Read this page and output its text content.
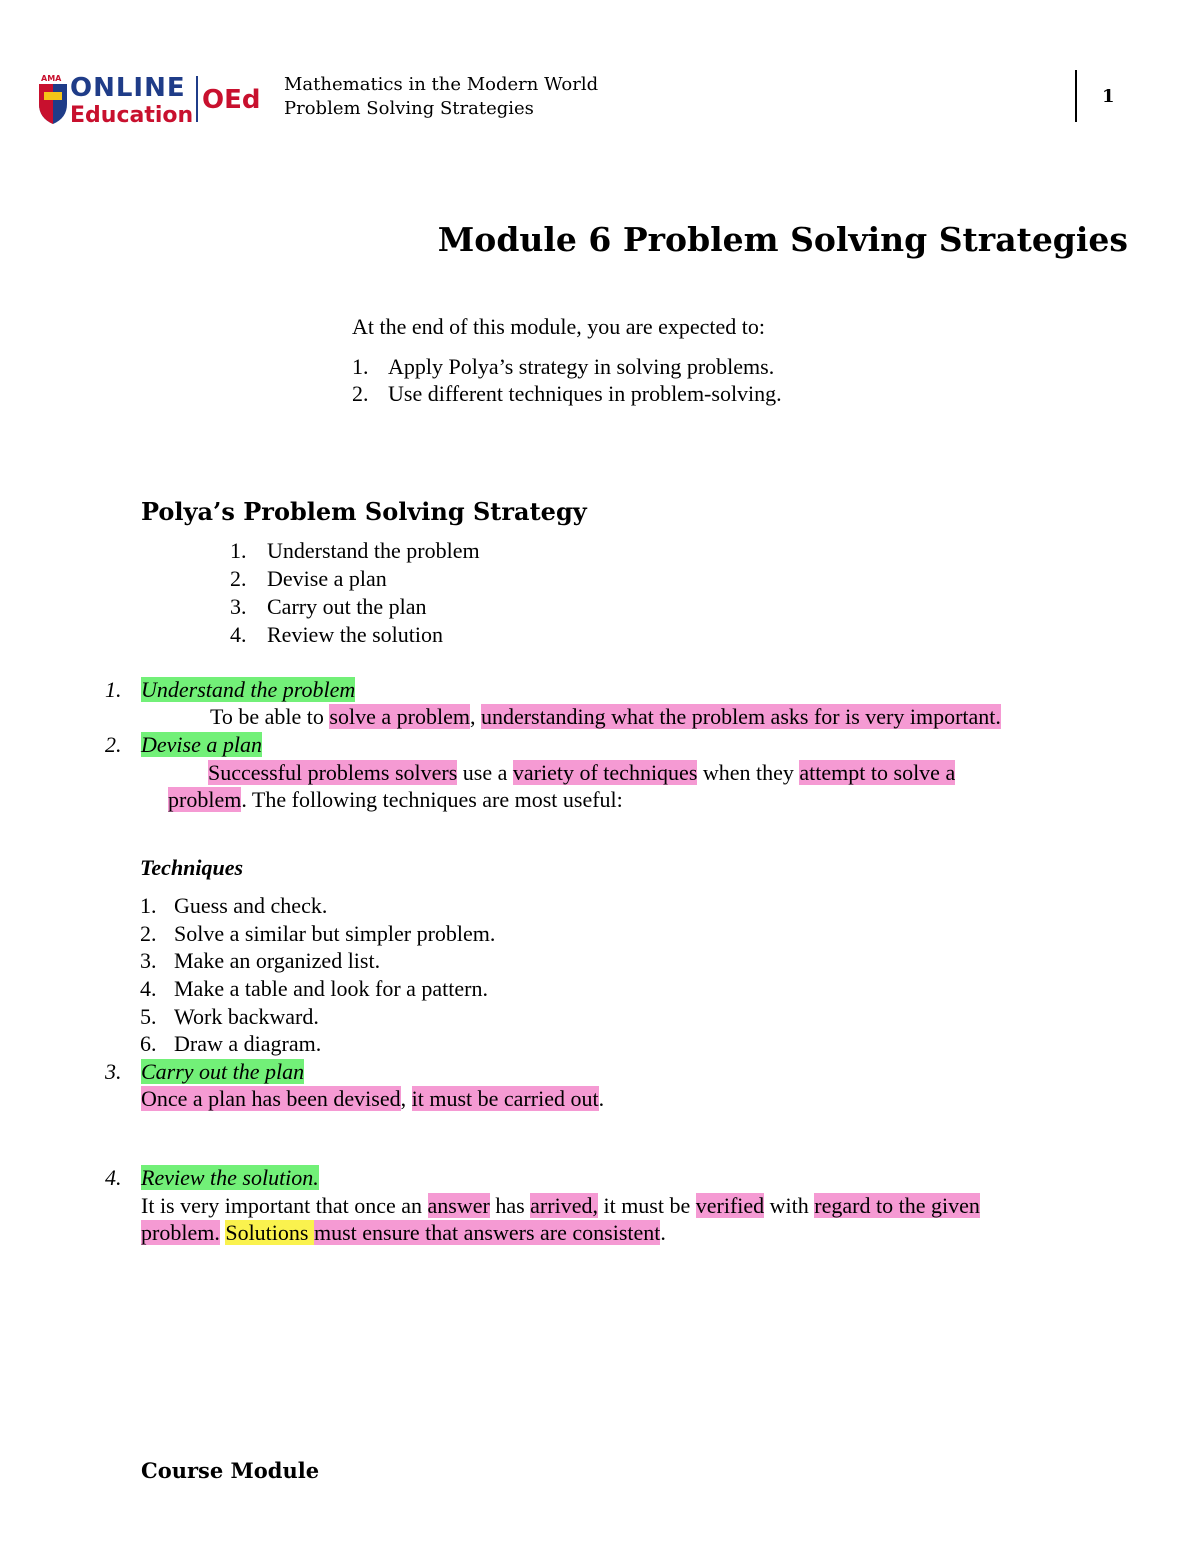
AMA ONLINE
Education
OEd
Mathematics in the Modern World
Problem Solving Strategies
1
Module 6 Problem Solving Strategies
At the end of this module, you are expected to:
1. Apply Polya’s strategy in solving problems.
2. Use different techniques in problem-solving.
Polya’s Problem Solving Strategy
1. Understand the problem
2. Devise a plan
3. Carry out the plan
4. Review the solution
1. Understand the problem
To be able to solve a problem, understanding what the problem asks for is very important.
2. Devise a plan
Successful problems solvers use a variety of techniques when they attempt to solve a
problem. The following techniques are most useful:
Techniques
1. Guess and check.
2. Solve a similar but simpler problem.
3. Make an organized list.
4. Make a table and look for a pattern.
5. Work backward.
6. Draw a diagram.
3. Carry out the plan
Once a plan has been devised, it must be carried out.
4. Review the solution.
It is very important that once an answer has arrived, it must be verified with regard to the given
problem. Solutions must ensure that answers are consistent.
Course Module
